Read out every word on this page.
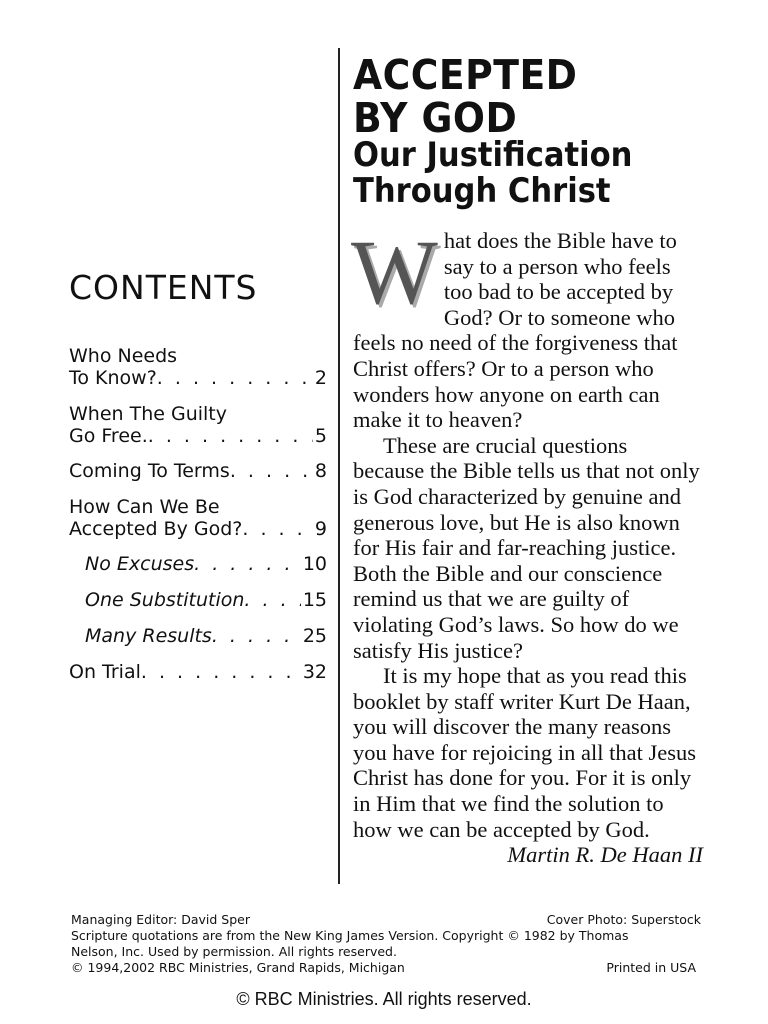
CONTENTS
Who Needs
To Know? . . .	2
When The Guilty
Go Free. . . .	5
Coming To Terms . . .	8
How Can We Be
Accepted By God? . . .	9
No Excuses . . .	10
One Substitution . . .	15
Many Results . . .	25
On Trial . . .	32
ACCEPTED
BY GOD
Our Justification
Through Christ

What does the Bible have to say to a person who feels too bad to be accepted by God? Or to someone who feels no need of the forgiveness that Christ offers? Or to a person who wonders how anyone on earth can make it to heaven?

These are crucial questions because the Bible tells us that not only is God characterized by genuine and generous love, but He is also known for His fair and far-reaching justice. Both the Bible and our conscience remind us that we are guilty of violating God’s laws. So how do we satisfy His justice?

It is my hope that as you read this booklet by staff writer Kurt De Haan, you will discover the many reasons you have for rejoicing in all that Jesus Christ has done for you. For it is only in Him that we find the solution to how we can be accepted by God.

Martin R. De Haan II

Managing Editor: David Sper	Cover Photo: Superstock
Scripture quotations are from the New King James Version. Copyright © 1982 by Thomas
Nelson, Inc. Used by permission. All rights reserved.
© 1994,2002 RBC Ministries, Grand Rapids, Michigan	Printed in USA
© RBC Ministries. All rights reserved.
